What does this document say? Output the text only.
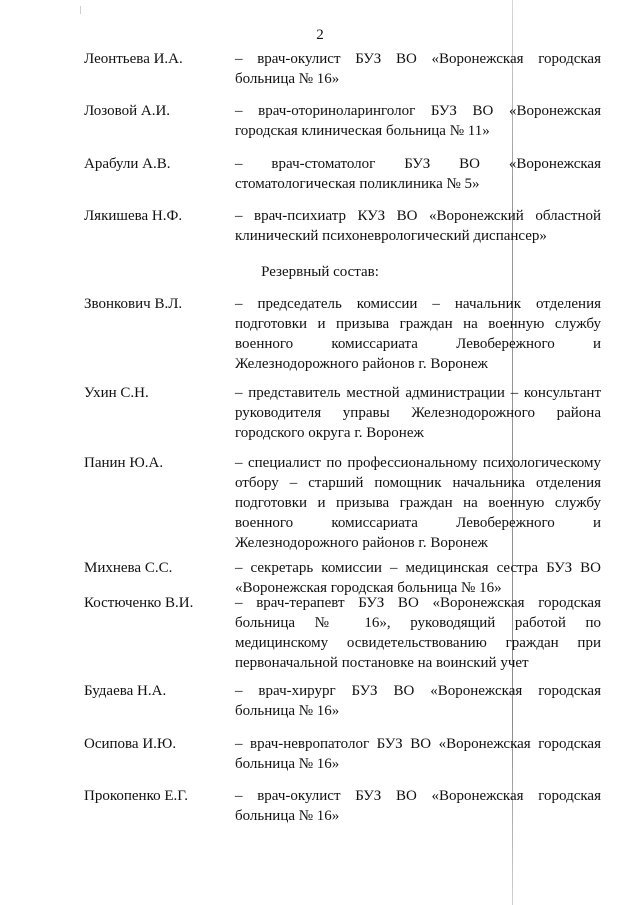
2
Леонтьева И.А.	– врач-окулист БУЗ ВО «Воронежская городская больница № 16»
Лозовой А.И.	– врач-оториноларинголог БУЗ ВО «Воронежская городская клиническая больница № 11»
Арабули А.В.	– врач-стоматолог БУЗ ВО «Воронежская стоматологическая поликлиника № 5»
Лякишева Н.Ф.	– врач-психиатр КУЗ ВО «Воронежский областной клинический психоневрологический диспансер»
Резервный состав:
Звонкович В.Л.	– председатель комиссии – начальник отделения подготовки и призыва граждан на военную службу военного комиссариата Левобережного и Железнодорожного районов г. Воронеж
Ухин С.Н.	– представитель местной администрации – консультант руководителя управы Железнодорожного района городского округа г. Воронеж
Панин Ю.А.	– специалист по профессиональному психологическому отбору – старший помощник начальника отделения подготовки и призыва граждан на военную службу военного комиссариата Левобережного и Железнодорожного районов г. Воронеж
Михнева С.С.	– секретарь комиссии – медицинская сестра БУЗ ВО «Воронежская городская больница № 16»
Костюченко В.И.	– врач-терапевт БУЗ ВО «Воронежская городская больница № 16», руководящий работой по медицинскому освидетельствованию граждан при первоначальной постановке на воинский учет
Будаева Н.А.	– врач-хирург БУЗ ВО «Воронежская городская больница № 16»
Осипова И.Ю.	– врач-невропатолог БУЗ ВО «Воронежская городская больница № 16»
Прокопенко Е.Г.	– врач-окулист БУЗ ВО «Воронежская городская больница № 16»
